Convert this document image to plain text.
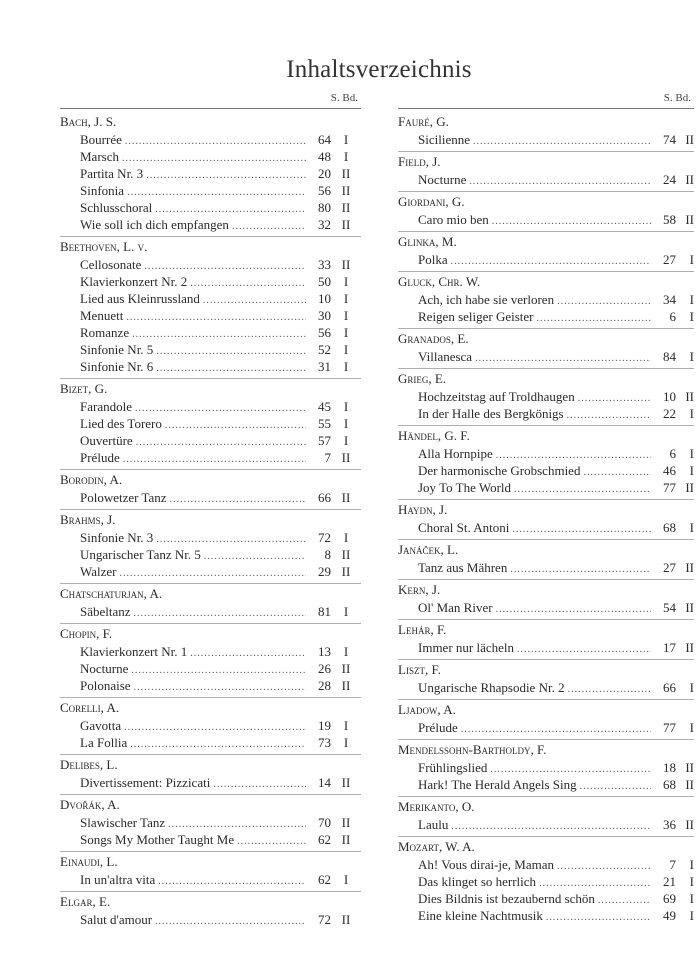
Inhaltsverzeichnis
S. Bd.
Bach, J. S.
Bourrée .....	64 I
Marsch .....	48 I
Partita Nr. 3 .....	20 II
Sinfonia .....	56 II
Schlusschoral .....	80 II
Wie soll ich dich empfangen .....	32 II
Beethoven, L. v.
Cellosonate .....	33 II
Klavierkonzert Nr. 2 .....	50 I
Lied aus Kleinrussland .....	10 I
Menuett .....	30 I
Romanze .....	56 I
Sinfonie Nr. 5 .....	52 I
Sinfonie Nr. 6 .....	31 I
Bizet, G.
Farandole .....	45 I
Lied des Torero .....	55 I
Ouvertüre .....	57 I
Prélude .....	7 II
Borodin, A.
Polowetzer Tanz .....	66 II
Brahms, J.
Sinfonie Nr. 3 .....	72 I
Ungarischer Tanz Nr. 5 .....	8 II
Walzer .....	29 II
Chatschaturjan, A.
Säbeltanz .....	81 I
Chopin, F.
Klavierkonzert Nr. 1 .....	13 I
Nocturne .....	26 II
Polonaise .....	28 II
Corelli, A.
Gavotta .....	19 I
La Follia .....	73 I
Delibes, L.
Divertissement: Pizzicati .....	14 II
Dvořák, A.
Slawischer Tanz .....	70 II
Songs My Mother Taught Me .....	62 II
Einaudi, L.
In un'altra vita .....	62 I
Elgar, E.
Salut d'amour .....	72 II
S. Bd.
Fauré, G.
Sicilienne .....	74 II
Field, J.
Nocturne .....	24 II
Giordani, G.
Caro mio ben .....	58 II
Glinka, M.
Polka .....	27	I
Gluck, Chr. W.
Ach, ich habe sie verloren .....	34	I
Reigen seliger Geister .....	6	I
Granados, E.
Villanesca .....	84	I
Grieg, E.
Hochzeitstag auf Troldhaugen .....	10 II
In der Halle des Bergkönigs .....	22	I
Händel, G. F.
Alla Hornpipe .....	6	I
Der harmonische Grobschmied .....	46	I
Joy To The World .....	77 II
Haydn, J.
Choral St. Antoni .....	68	I
Janáček, L.
Tanz aus Mähren .....	27 II
Kern, J.
Ol' Man River .....	54 II
Lehár, F.
Immer nur lächeln .....	17 II
Liszt, F.
Ungarische Rhapsodie Nr. 2 .....	66	I
Ljadow, A.
Prélude .....	77	I
Mendelssohn-Bartholdy, F.
Frühlingslied .....	18 II
Hark! The Herald Angels Sing .....	68 II
Merikanto, O.
Laulu .....	36 II
Mozart, W. A.
Ah! Vous dirai-je, Maman .....	7	I
Das klinget so herrlich .....	21	I
Dies Bildnis ist bezaubernd schön .....	69	I
Eine kleine Nachtmusik .....	49	I
